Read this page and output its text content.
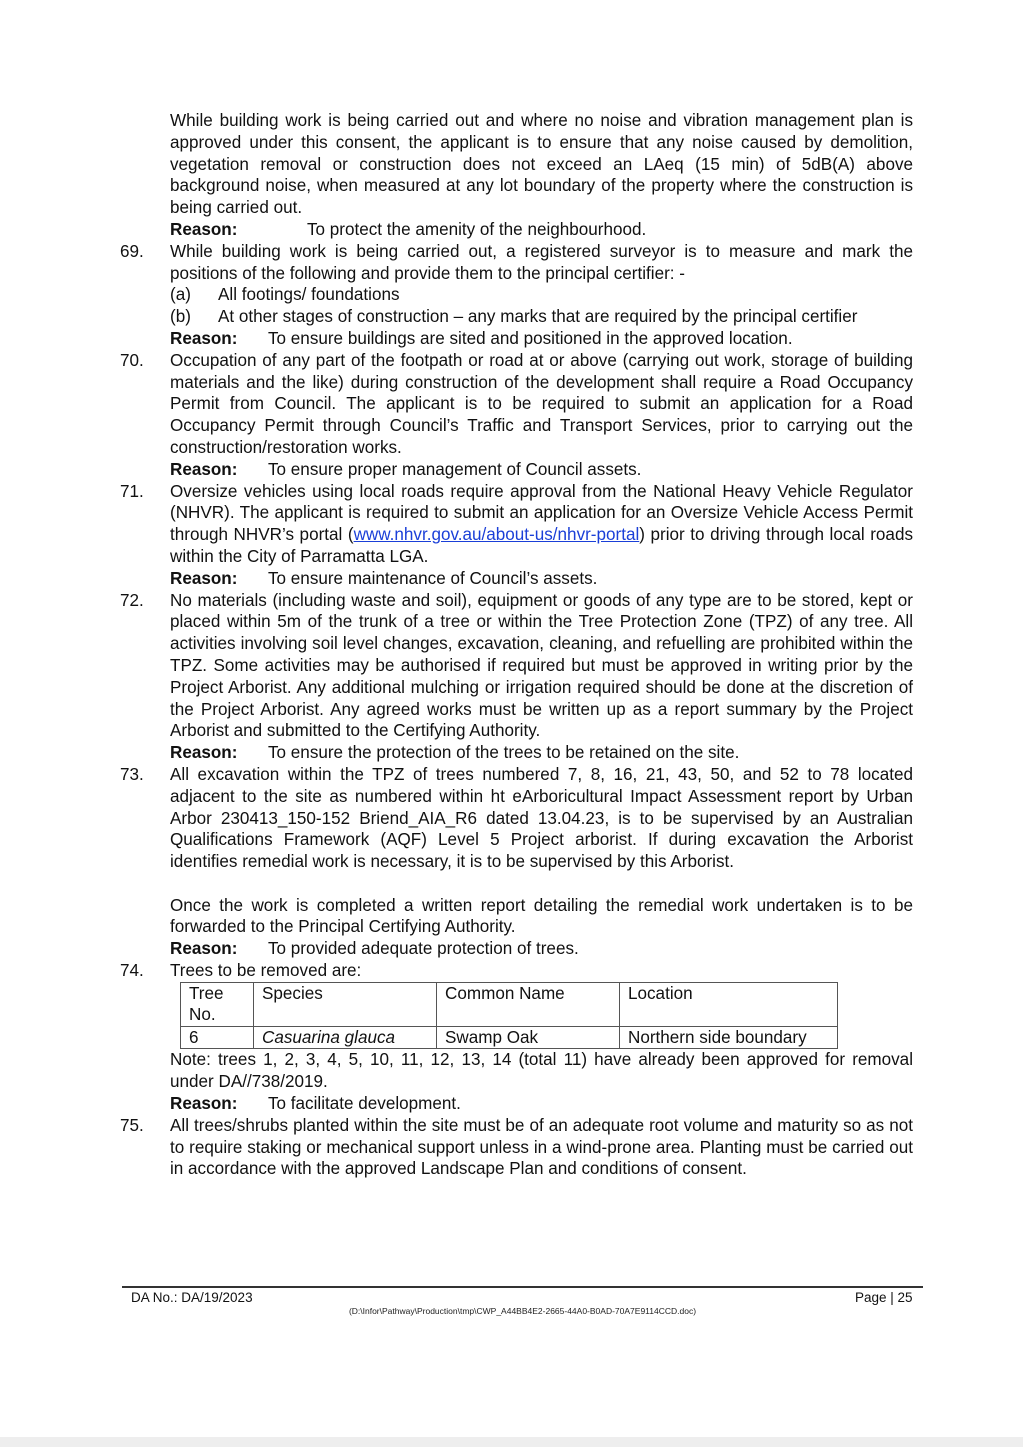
While building work is being carried out and where no noise and vibration management plan is approved under this consent, the applicant is to ensure that any noise caused by demolition, vegetation removal or construction does not exceed an LAeq (15 min) of 5dB(A) above background noise, when measured at any lot boundary of the property where the construction is being carried out.
Reason:	To protect the amenity of the neighbourhood.
69. While building work is being carried out, a registered surveyor is to measure and mark the positions of the following and provide them to the principal certifier: -
(a)	All footings/ foundations
(b)	At other stages of construction – any marks that are required by the principal certifier
Reason: To ensure buildings are sited and positioned in the approved location.
70. Occupation of any part of the footpath or road at or above (carrying out work, storage of building materials and the like) during construction of the development shall require a Road Occupancy Permit from Council. The applicant is to be required to submit an application for a Road Occupancy Permit through Council’s Traffic and Transport Services, prior to carrying out the construction/restoration works.
Reason: To ensure proper management of Council assets.
71. Oversize vehicles using local roads require approval from the National Heavy Vehicle Regulator (NHVR). The applicant is required to submit an application for an Oversize Vehicle Access Permit through NHVR’s portal (www.nhvr.gov.au/about-us/nhvr-portal) prior to driving through local roads within the City of Parramatta LGA.
Reason: To ensure maintenance of Council’s assets.
72. No materials (including waste and soil), equipment or goods of any type are to be stored, kept or placed within 5m of the trunk of a tree or within the Tree Protection Zone (TPZ) of any tree. All activities involving soil level changes, excavation, cleaning, and refuelling are prohibited within the TPZ. Some activities may be authorised if required but must be approved in writing prior by the Project Arborist. Any additional mulching or irrigation required should be done at the discretion of the Project Arborist. Any agreed works must be written up as a report summary by the Project Arborist and submitted to the Certifying Authority.
Reason: To ensure the protection of the trees to be retained on the site.
73. All excavation within the TPZ of trees numbered 7, 8, 16, 21, 43, 50, and 52 to 78 located adjacent to the site as numbered within ht eArboricultural Impact Assessment report by Urban Arbor 230413_150-152 Briend_AIA_R6 dated 13.04.23, is to be supervised by an Australian Qualifications Framework (AQF) Level 5 Project arborist. If during excavation the Arborist identifies remedial work is necessary, it is to be supervised by this Arborist.
Once the work is completed a written report detailing the remedial work undertaken is to be forwarded to the Principal Certifying Authority.
Reason: To provided adequate protection of trees.
74. Trees to be removed are:
Tree No.	Species	Common Name	Location
6	Casuarina glauca	Swamp Oak	Northern side boundary
Note: trees 1, 2, 3, 4, 5, 10, 11, 12, 13, 14 (total 11) have already been approved for removal under DA//738/2019.
Reason: To facilitate development.
75. All trees/shrubs planted within the site must be of an adequate root volume and maturity so as not to require staking or mechanical support unless in a wind-prone area. Planting must be carried out in accordance with the approved Landscape Plan and conditions of consent.
DA No.: DA/19/2023	Page | 25
(D:\Infor\Pathway\Production\tmp\CWP_A44BB4E2-2665-44A0-B0AD-70A7E9114CCD.doc)
